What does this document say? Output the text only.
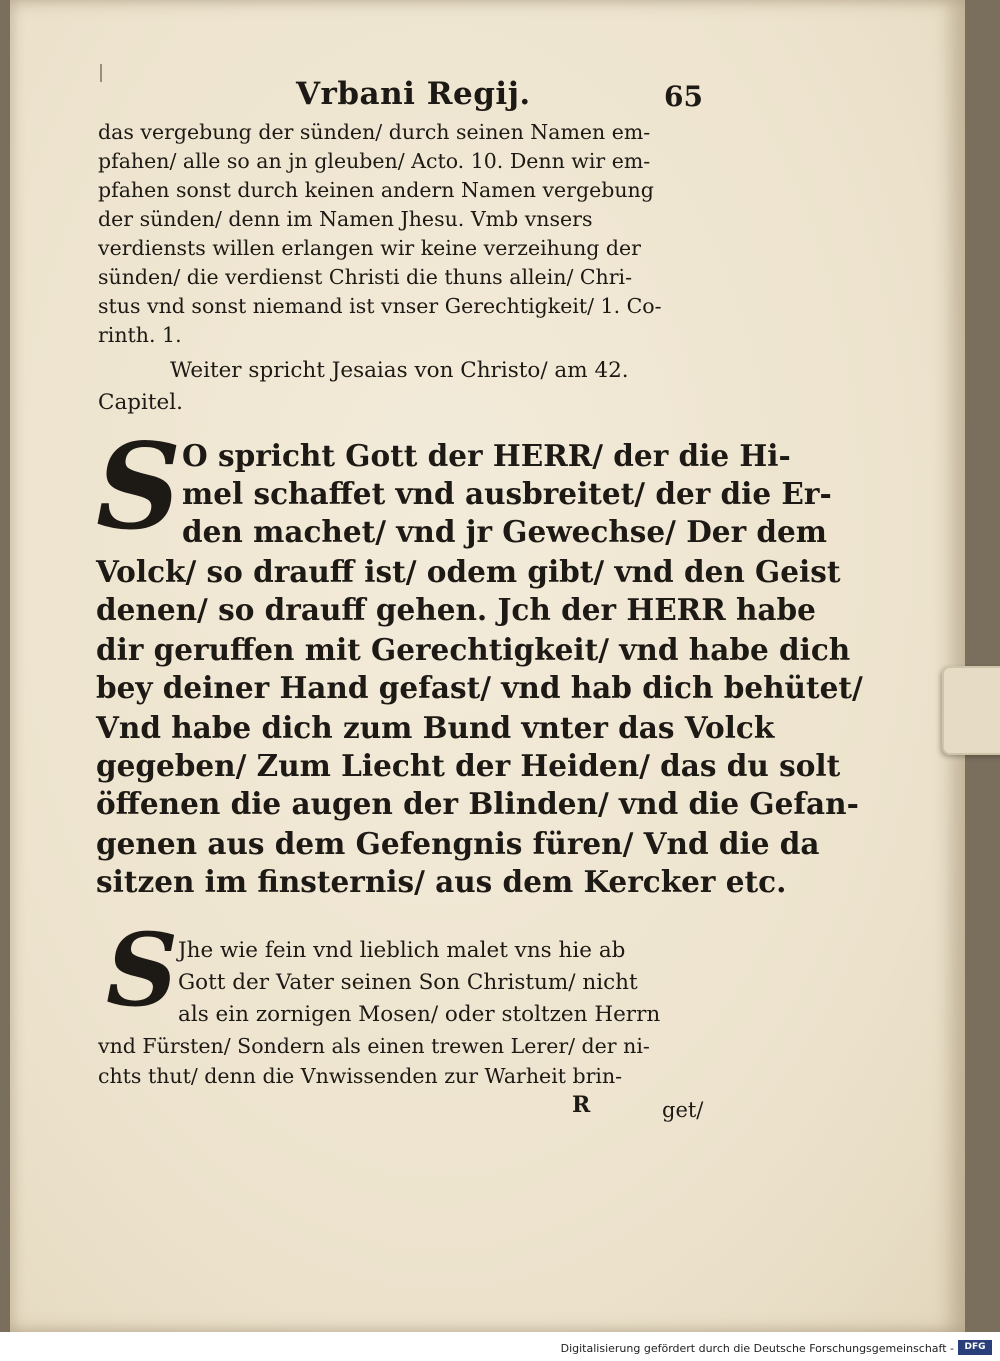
Vrbani Regij.	65
das vergebung der sünden/ durch seinen Namen em-
pfahen/ alle so an jn gleuben/ Acto. 10. Denn wir em-
pfahen sonst durch keinen andern Namen vergebung
der sünden/ denn im Namen Jhesu. Vmb vnsers
verdiensts willen erlangen wir keine verzeihung der
sünden/ die verdienst Christi die thuns allein/ Chri-
stus vnd sonst niemand ist vnser Gerechtigkeit/ 1. Co-
rinth. 1.
Weiter spricht Jesaias von Christo/ am 42.
Capitel.
S O spricht Gott der HERR/ der die Hi-
mel schaffet vnd ausbreitet/ der die Er-
den machet/ vnd jr Gewechse/ Der dem
Volck/ so drauff ist/ odem gibt/ vnd den Geist
denen/ so drauff gehen. Jch der HERR habe
dir geruffen mit Gerechtigkeit/ vnd habe dich
bey deiner Hand gefast/ vnd hab dich behütet/
Vnd habe dich zum Bund vnter das Volck
gegeben/ Zum Liecht der Heiden/ das du solt
öffenen die augen der Blinden/ vnd die Gefan-
genen aus dem Gefengnis füren/ Vnd die da
sitzen im finsternis/ aus dem Kercker etc.
S Jhe wie fein vnd lieblich malet vns hie ab
Gott der Vater seinen Son Christum/ nicht
als ein zornigen Mosen/ oder stoltzen Herrn
vnd Fürsten/ Sondern als einen trewen Lerer/ der ni-
chts thut/ denn die Vnwissenden zur Warheit brin-
R	get/
Digitalisierung gefördert durch die Deutsche Forschungsgemeinschaft -	DFG
